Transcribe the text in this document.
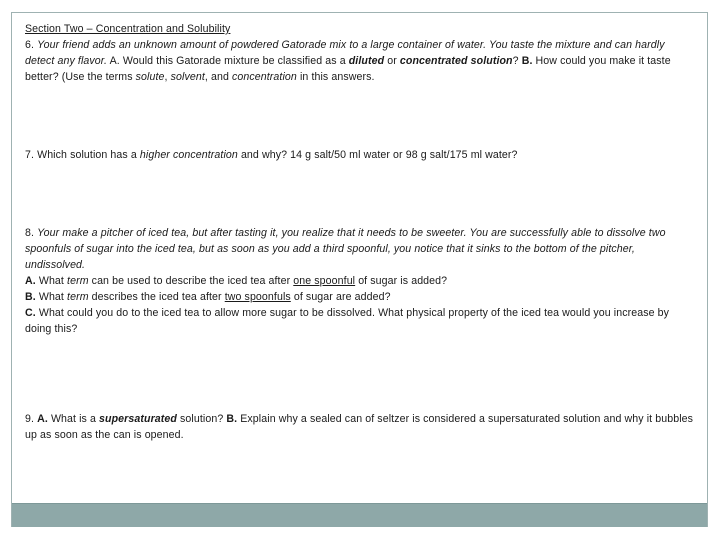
Section Two – Concentration and Solubility
6. Your friend adds an unknown amount of powdered Gatorade mix to a large container of water. You taste the mixture and can hardly detect any flavor. A. Would this Gatorade mixture be classified as a diluted or concentrated solution? B. How could you make it taste better? (Use the terms solute, solvent, and concentration in this answers.

7. Which solution has a higher concentration and why? 14 g salt/50 ml water or 98 g salt/175 ml water?

8. Your make a pitcher of iced tea, but after tasting it, you realize that it needs to be sweeter. You are successfully able to dissolve two spoonfuls of sugar into the iced tea, but as soon as you add a third spoonful, you notice that it sinks to the bottom of the pitcher, undissolved.
A. What term can be used to describe the iced tea after one spoonful of sugar is added?
B. What term describes the iced tea after two spoonfuls of sugar are added?
C. What could you do to the iced tea to allow more sugar to be dissolved. What physical property of the iced tea would you increase by doing this?

9. A. What is a supersaturated solution? B. Explain why a sealed can of seltzer is considered a supersaturated solution and why it bubbles up as soon as the can is opened.
